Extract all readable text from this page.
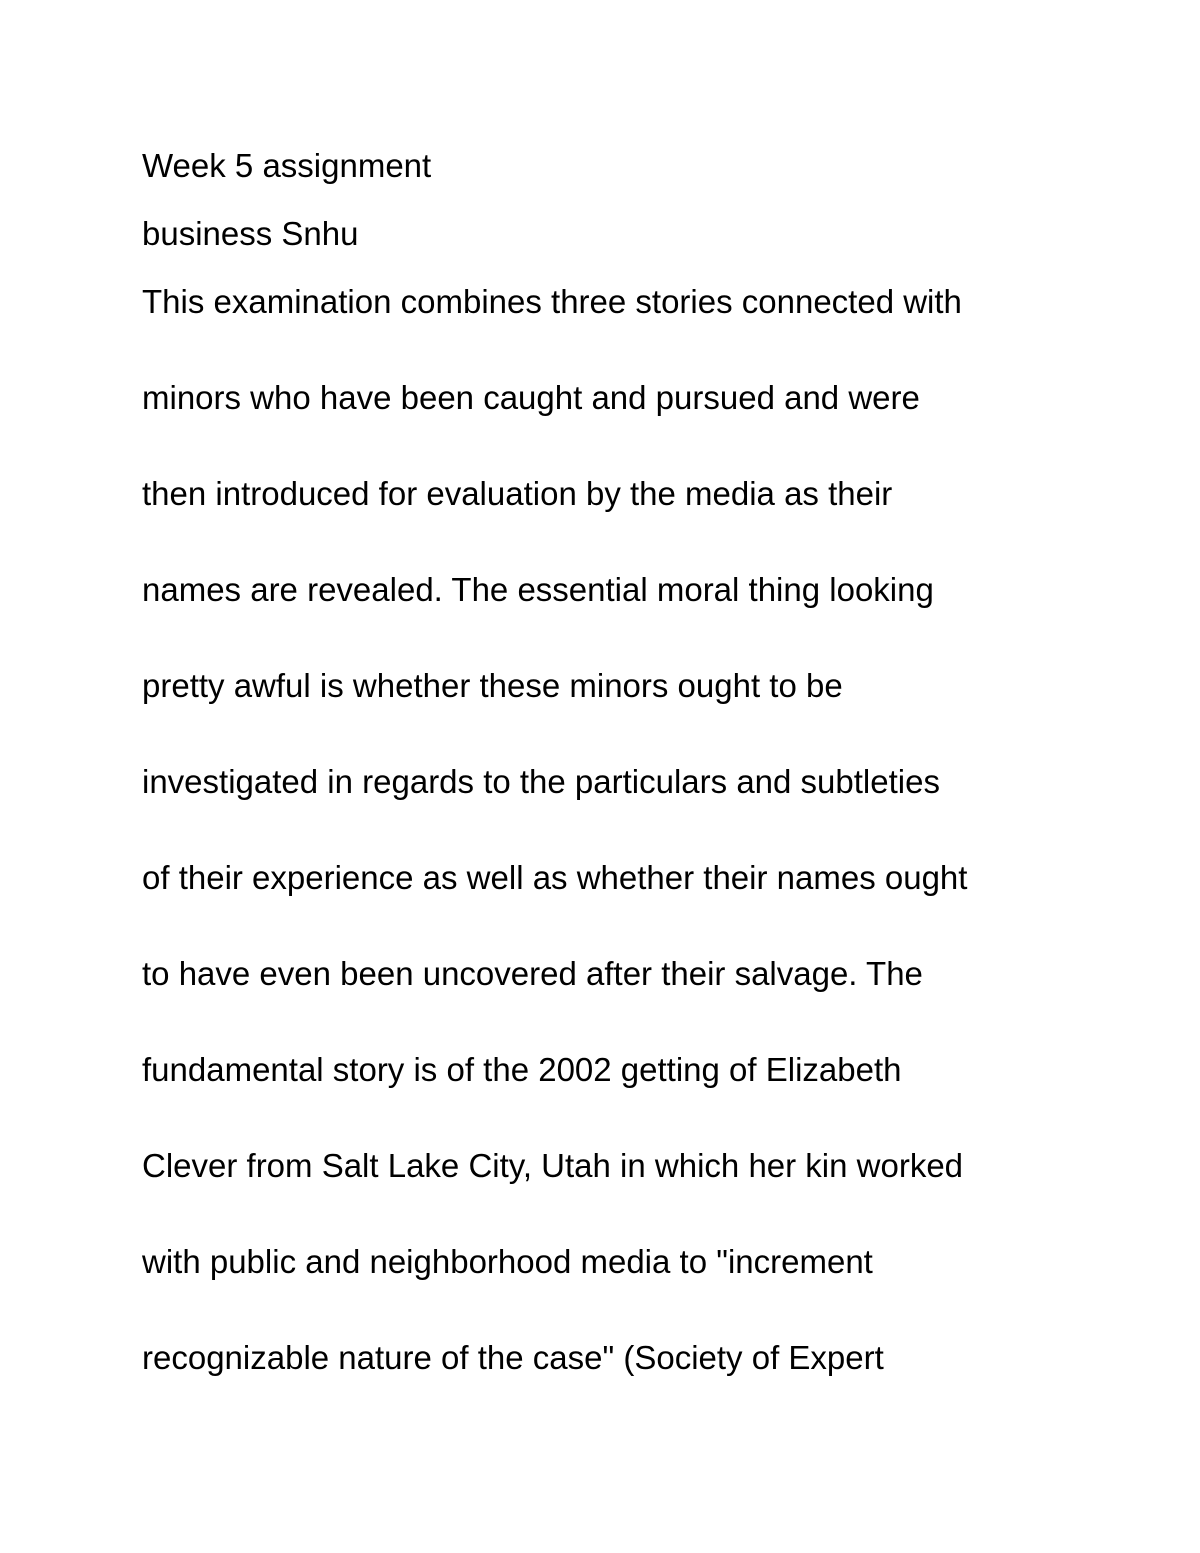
Week 5 assignment
business Snhu
This examination combines three stories connected with
minors who have been caught and pursued and were
then introduced for evaluation by the media as their
names are revealed. The essential moral thing looking
pretty awful is whether these minors ought to be
investigated in regards to the particulars and subtleties
of their experience as well as whether their names ought
to have even been uncovered after their salvage. The
fundamental story is of the 2002 getting of Elizabeth
Clever from Salt Lake City, Utah in which her kin worked
with public and neighborhood media to "increment
recognizable nature of the case" (Society of Expert
